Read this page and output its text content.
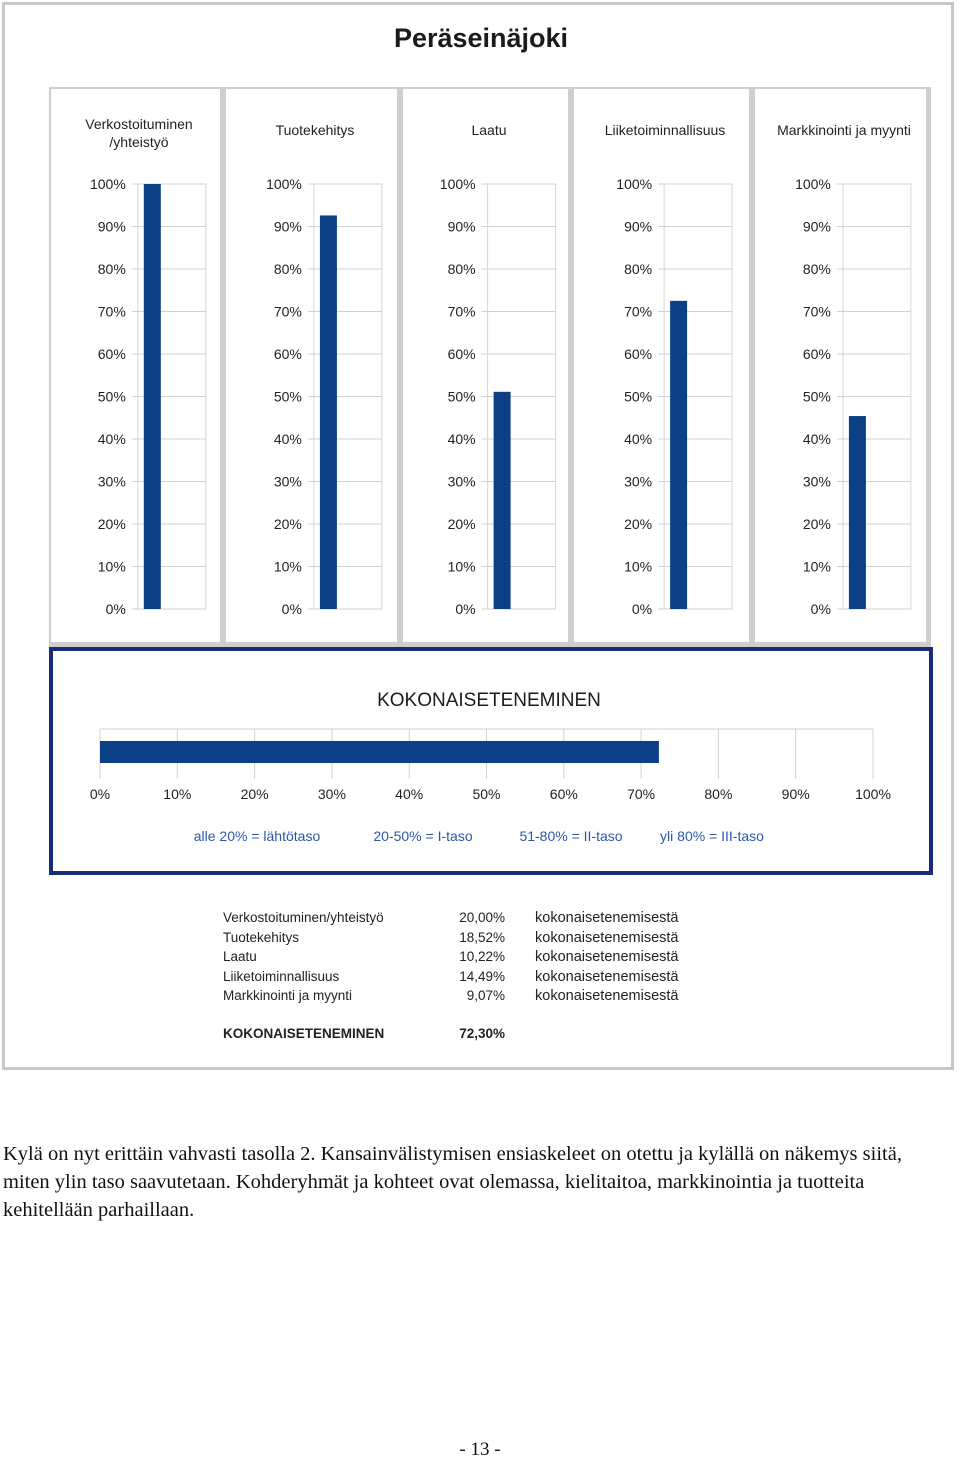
Peräseinäjoki
Verkostoituminen
/yhteistyö
0%
10%
20%
30%
40%
50%
60%
70%
80%
90%
100%
Tuotekehitys
0%
10%
20%
30%
40%
50%
60%
70%
80%
90%
100%
Laatu
0%
10%
20%
30%
40%
50%
60%
70%
80%
90%
100%
Liiketoiminnallisuus
0%
10%
20%
30%
40%
50%
60%
70%
80%
90%
100%
Markkinointi ja myynti
0%
10%
20%
30%
40%
50%
60%
70%
80%
90%
100%
KOKONAISETENEMINEN
0%	10%	20%	30%	40%	50%	60%	70%	80%	90%	100%
alle 20% = lähtötaso	20-50% = I-taso	51-80% = II-taso	yli 80% = III-taso
Verkostoituminen/yhteistyö	20,00% kokonaisetenemisestä
Tuotekehitys	18,52% kokonaisetenemisestä
Laatu	10,22% kokonaisetenemisestä
Liiketoiminnallisuus	14,49% kokonaisetenemisestä
Markkinointi ja myynti	9,07% kokonaisetenemisestä
KOKONAISETENEMINEN	72,30%
Kylä on nyt erittäin vahvasti tasolla 2. Kansainvälistymisen ensiaskeleet on otettu ja kylällä on näkemys siitä, miten ylin taso saavutetaan. Kohderyhmät ja kohteet ovat olemassa, kielitaitoa, markkinointia ja tuotteita kehitellään parhaillaan.
- 13 -
